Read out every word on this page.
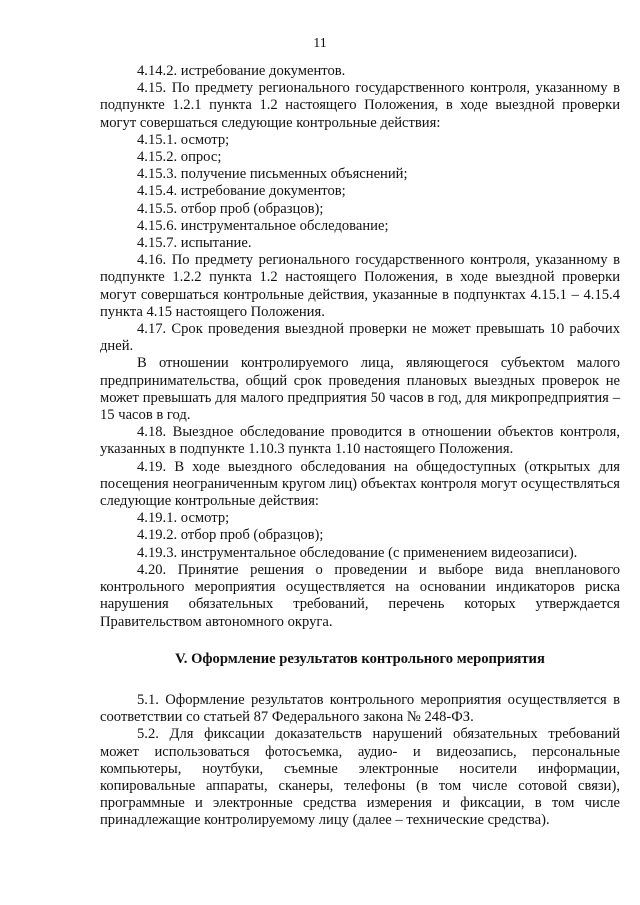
11

4.14.2. истребование документов.

4.15. По предмету регионального государственного контроля, указанному в подпункте 1.2.1 пункта 1.2 настоящего Положения, в ходе выездной проверки могут совершаться следующие контрольные действия:

4.15.1. осмотр;

4.15.2. опрос;

4.15.3. получение письменных объяснений;

4.15.4. истребование документов;

4.15.5. отбор проб (образцов);

4.15.6. инструментальное обследование;

4.15.7. испытание.

4.16. По предмету регионального государственного контроля, указанному в подпункте 1.2.2 пункта 1.2 настоящего Положения, в ходе выездной проверки могут совершаться контрольные действия, указанные в подпунктах 4.15.1 – 4.15.4 пункта 4.15 настоящего Положения.

4.17. Срок проведения выездной проверки не может превышать 10 рабочих дней.

В отношении контролируемого лица, являющегося субъектом малого предпринимательства, общий срок проведения плановых выездных проверок не может превышать для малого предприятия 50 часов в год, для микропредприятия – 15 часов в год.

4.18. Выездное обследование проводится в отношении объектов контроля, указанных в подпункте 1.10.3 пункта 1.10 настоящего Положения.

4.19. В ходе выездного обследования на общедоступных (открытых для посещения неограниченным кругом лиц) объектах контроля могут осуществляться следующие контрольные действия:

4.19.1. осмотр;

4.19.2. отбор проб (образцов);

4.19.3. инструментальное обследование (с применением видеозаписи).

4.20. Принятие решения о проведении и выборе вида внепланового контрольного мероприятия осуществляется на основании индикаторов риска нарушения обязательных требований, перечень которых утверждается Правительством автономного округа.

V. Оформление результатов контрольного мероприятия

5.1. Оформление результатов контрольного мероприятия осуществляется в соответствии со статьей 87 Федерального закона № 248-ФЗ.

5.2. Для фиксации доказательств нарушений обязательных требований может использоваться фотосъемка, аудио- и видеозапись, персональные компьютеры, ноутбуки, съемные электронные носители информации, копировальные аппараты, сканеры, телефоны (в том числе сотовой связи), программные и электронные средства измерения и фиксации, в том числе принадлежащие контролируемому лицу (далее – технические средства).
